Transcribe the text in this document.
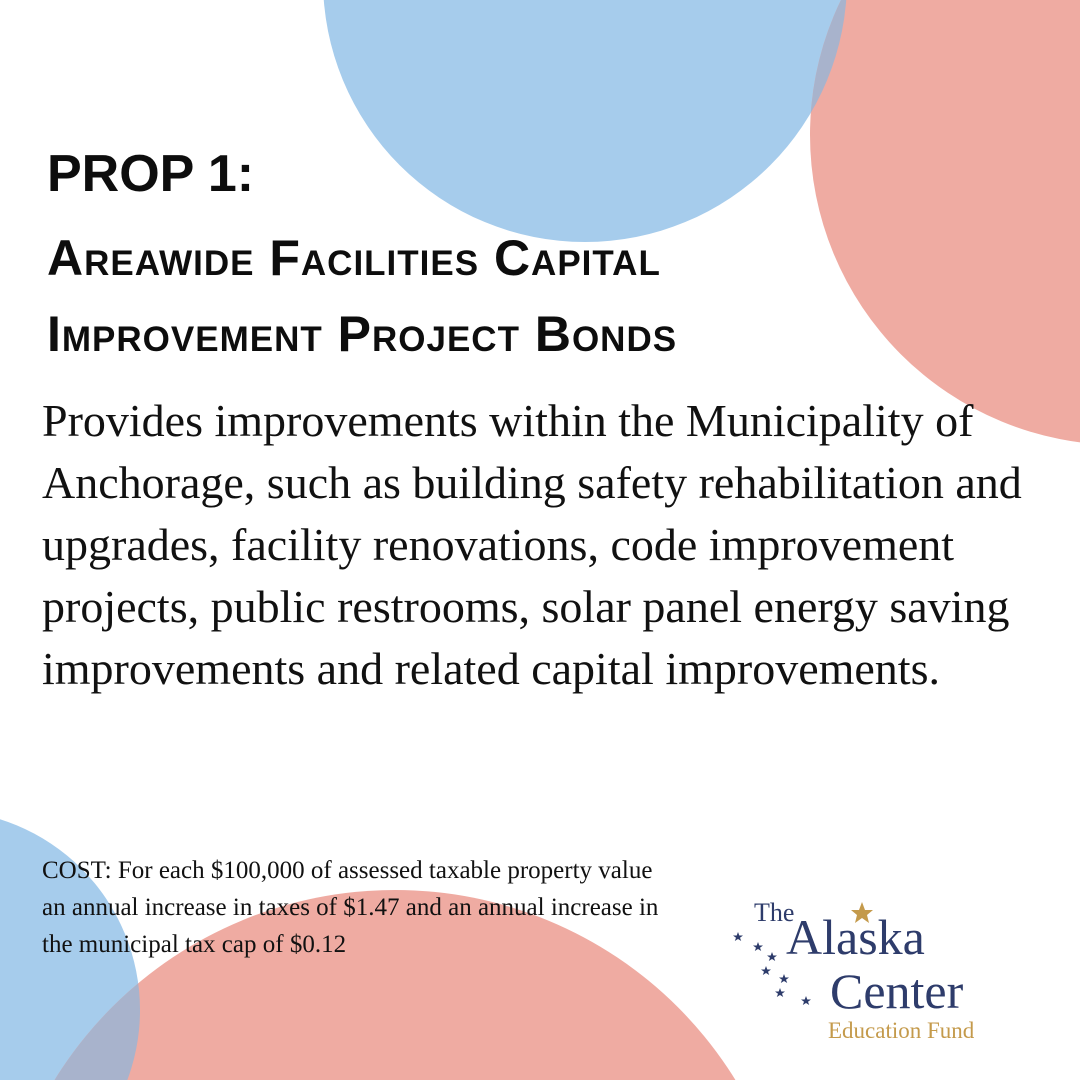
PROP 1:
Areawide Facilities Capital
Improvement Project Bonds

Provides improvements within the Municipality of Anchorage, such as building safety rehabilitation and upgrades, facility renovations, code improvement projects, public restrooms, solar panel energy saving improvements and related capital improvements.

COST: For each $100,000 of assessed taxable property value an annual increase in taxes of $1.47 and an annual increase in the municipal tax cap of $0.12

The
Alaska
Center
Education Fund
